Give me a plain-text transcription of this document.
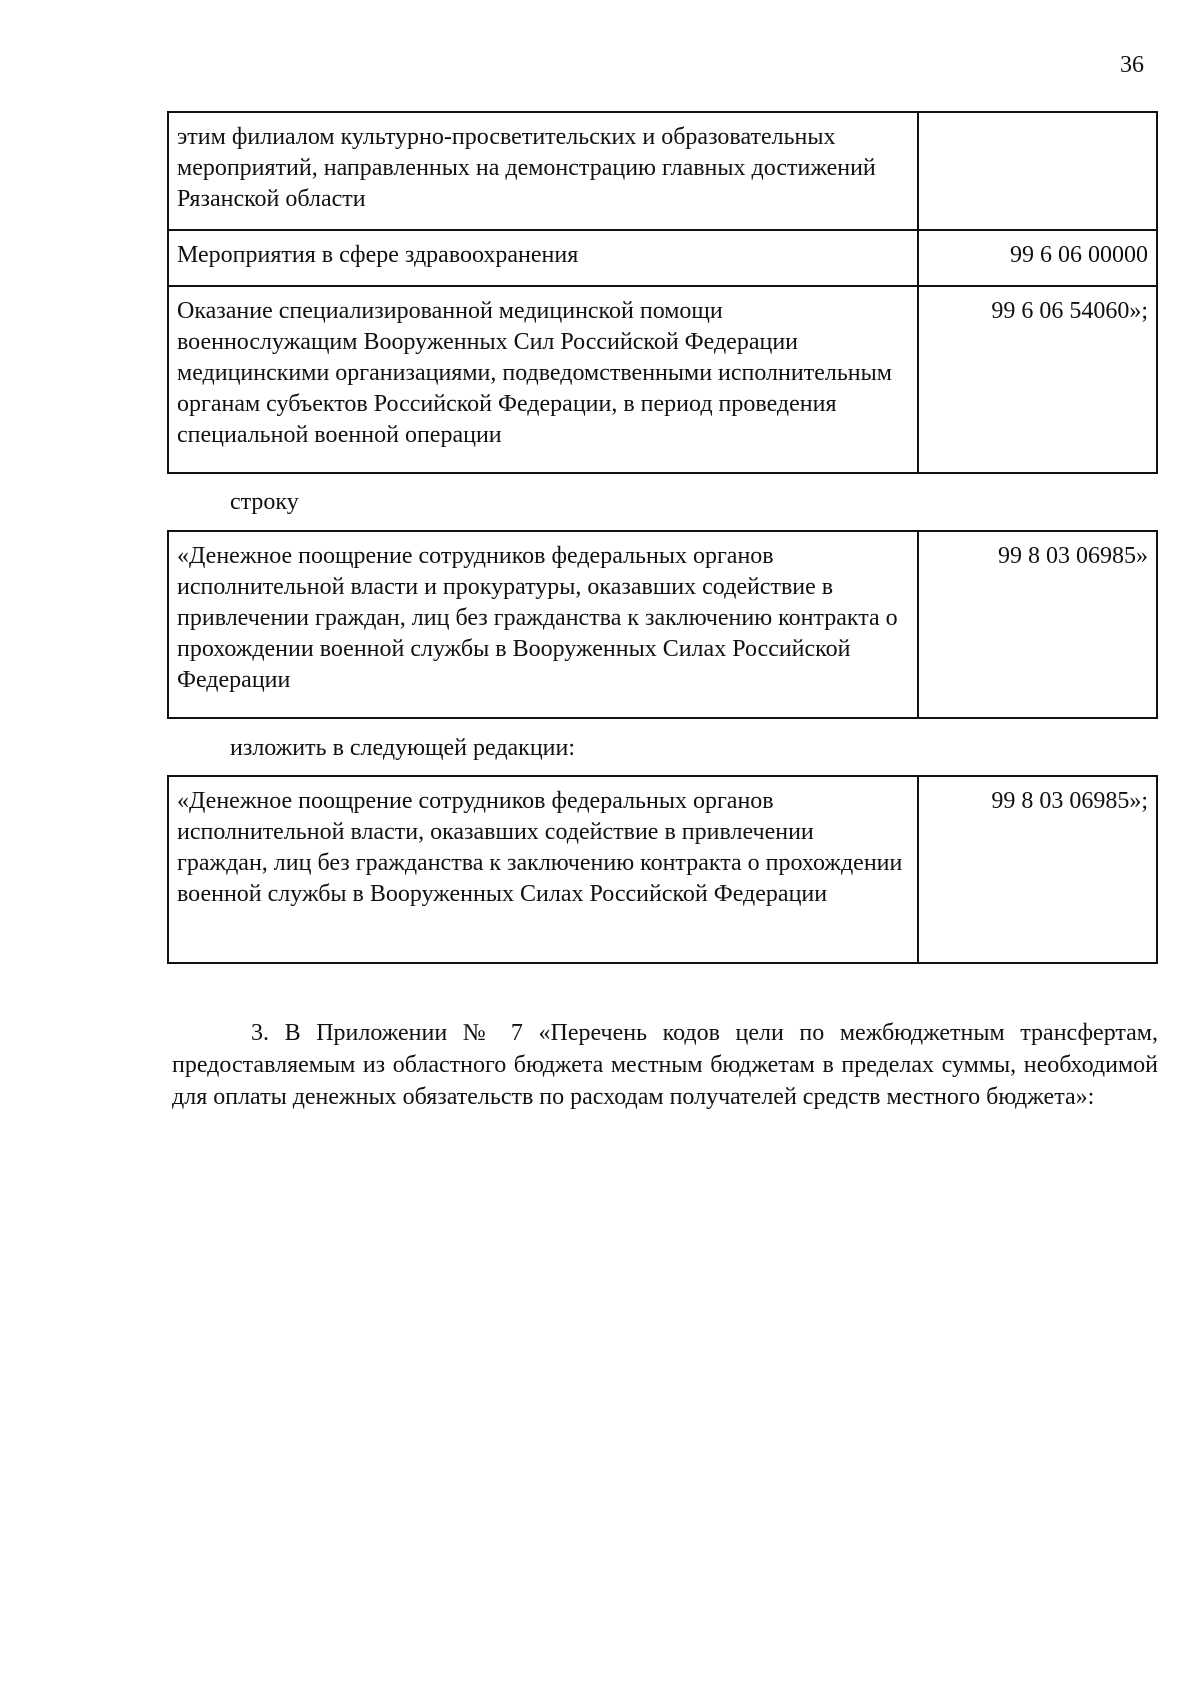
36
этим филиалом культурно-просветительских и образовательных мероприятий, направленных на демонстрацию главных достижений Рязанской области	
Мероприятия в сфере здравоохранения	99 6 06 00000
Оказание специализированной медицинской помощи военнослужащим Вооруженных Сил Российской Федерации медицинскими организациями, подведомственными исполнительным органам субъектов Российской Федерации, в период проведения специальной военной операции	99 6 06 54060»;
строку
«Денежное поощрение сотрудников федеральных органов исполнительной власти и прокуратуры, оказавших содействие в привлечении граждан, лиц без гражданства к заключению контракта о прохождении военной службы в Вооруженных Силах Российской Федерации	99 8 03 06985»
изложить в следующей редакции:
«Денежное поощрение сотрудников федеральных органов исполнительной власти, оказавших содействие в привлечении граждан, лиц без гражданства к заключению контракта о прохождении военной службы в Вооруженных Силах Российской Федерации	99 8 03 06985»;
3. В Приложении № 7 «Перечень кодов цели по межбюджетным трансфертам, предоставляемым из областного бюджета местным бюджетам в пределах суммы, необходимой для оплаты денежных обязательств по расходам получателей средств местного бюджета»:
